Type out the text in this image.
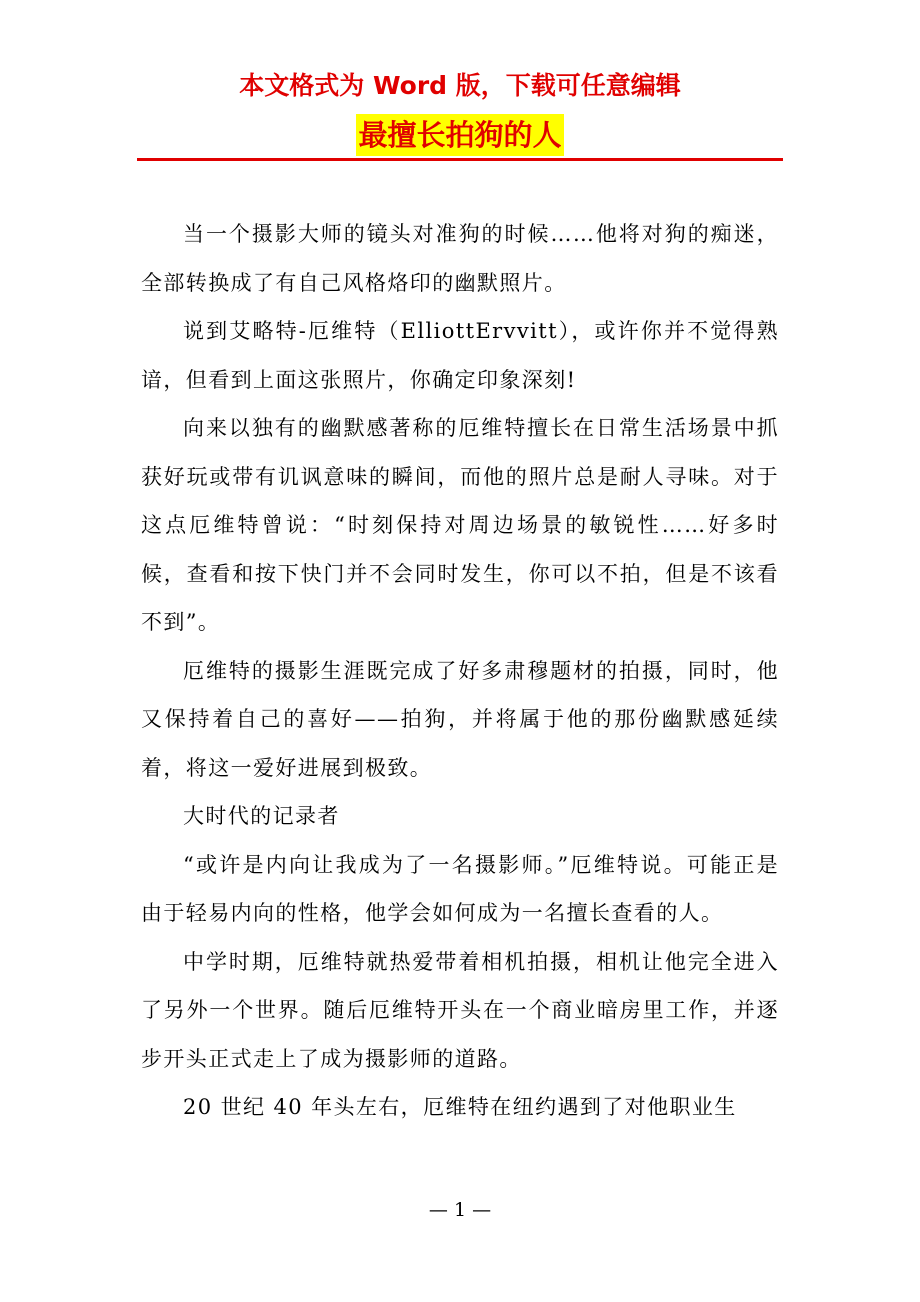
本文格式为 Word 版，下载可任意编辑
最擅长拍狗的人

当一个摄影大师的镜头对准狗的时候……他将对狗的痴迷，全部转换成了有自己风格烙印的幽默照片。

说到艾略特-厄维特（ElliottErvvitt），或许你并不觉得熟谙，但看到上面这张照片，你确定印象深刻!

向来以独有的幽默感著称的厄维特擅长在日常生活场景中抓获好玩或带有讥讽意味的瞬间，而他的照片总是耐人寻味。对于这点厄维特曾说：“时刻保持对周边场景的敏锐性……好多时候，查看和按下快门并不会同时发生，你可以不拍，但是不该看不到”。

厄维特的摄影生涯既完成了好多肃穆题材的拍摄，同时，他又保持着自己的喜好——拍狗，并将属于他的那份幽默感延续着，将这一爱好进展到极致。

大时代的记录者

“或许是内向让我成为了一名摄影师。”厄维特说。可能正是由于轻易内向的性格，他学会如何成为一名擅长查看的人。

中学时期，厄维特就热爱带着相机拍摄，相机让他完全进入了另外一个世界。随后厄维特开头在一个商业暗房里工作，并逐步开头正式走上了成为摄影师的道路。

20 世纪 40 年头左右，厄维特在纽约遇到了对他职业生

— 1 —
